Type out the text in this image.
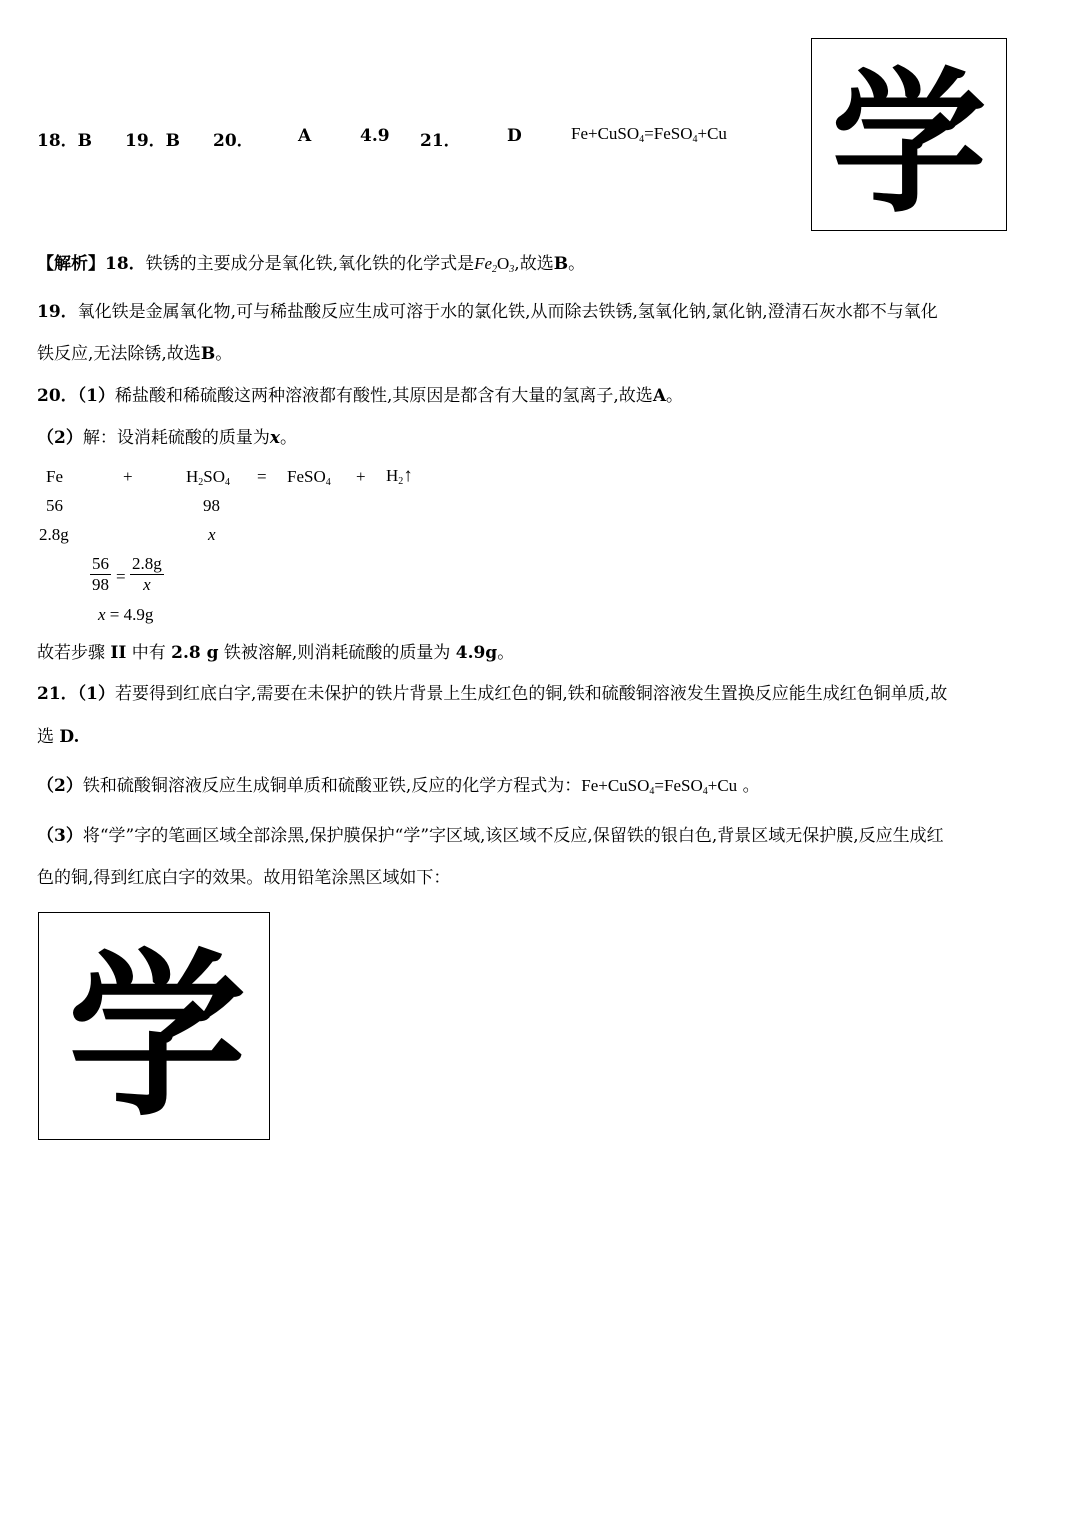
18．B 19．B 20．	A	4.9 21．	D	Fe+CuSO$_4$=FeSO$_4$+Cu 学
【解析】18．铁锈的主要成分是氧化铁,氧化铁的化学式是$Fe_2O_3$,故选B。
19．氧化铁是金属氧化物,可与稀盐酸反应生成可溶于水的氯化铁,从而除去铁锈,氢氧化钠,氯化钠,澄清石灰水都不与氧化
铁反应,无法除锈,故选B。
20．（1）稀盐酸和稀硫酸这两种溶液都有酸性,其原因是都含有大量的氢离子,故选A。
（2）解：设消耗硫酸的质量为x。
Fe	+	$H_2SO_4$ = FeSO$_4$ + $H_2↑$
56	98
2.8g	x
$\frac{56}{98} = \frac{2.8g}{x}$
x = 4.9g
故若步骤 II 中有 2.8 g 铁被溶解,则消耗硫酸的质量为 4.9g。
21．（1）若要得到红底白字,需要在未保护的铁片背景上生成红色的铜,铁和硫酸铜溶液发生置换反应能生成红色铜单质,故
选 D.
（2）铁和硫酸铜溶液反应生成铜单质和硫酸亚铁,反应的化学方程式为：Fe+CuSO$_4$=FeSO$_4$+Cu 。
（3）将“学”字的笔画区域全部涂黑,保护膜保护“学”字区域,该区域不反应,保留铁的银白色,背景区域无保护膜,反应生成红
色的铜,得到红底白字的效果。故用铅笔涂黑区域如下：
学
